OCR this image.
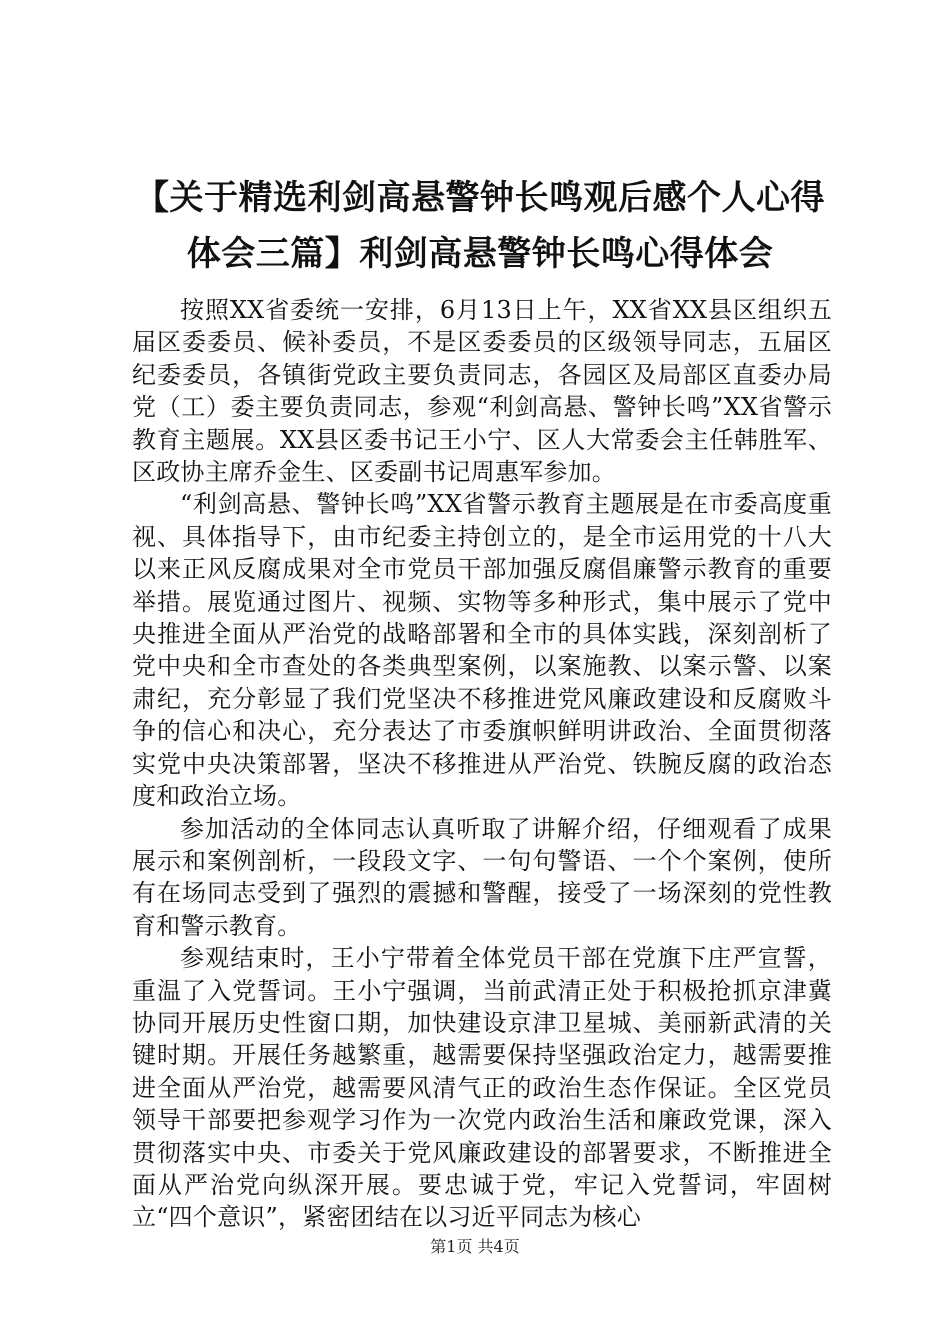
【关于精选利剑高悬警钟长鸣观后感个人心得体会三篇】利剑高悬警钟长鸣心得体会

按照XX省委统一安排，6月13日上午，XX省XX县区组织五届区委委员、候补委员，不是区委委员的区级领导同志，五届区纪委委员，各镇街党政主要负责同志，各园区及局部区直委办局党（工）委主要负责同志，参观“利剑高悬、警钟长鸣”XX省警示教育主题展。XX县区委书记王小宁、区人大常委会主任韩胜军、区政协主席乔金生、区委副书记周惠军参加。

“利剑高悬、警钟长鸣”XX省警示教育主题展是在市委高度重视、具体指导下，由市纪委主持创立的，是全市运用党的十八大以来正风反腐成果对全市党员干部加强反腐倡廉警示教育的重要举措。展览通过图片、视频、实物等多种形式，集中展示了党中央推进全面从严治党的战略部署和全市的具体实践，深刻剖析了党中央和全市查处的各类典型案例，以案施教、以案示警、以案肃纪，充分彰显了我们党坚决不移推进党风廉政建设和反腐败斗争的信心和决心，充分表达了市委旗帜鲜明讲政治、全面贯彻落实党中央决策部署，坚决不移推进从严治党、铁腕反腐的政治态度和政治立场。

参加活动的全体同志认真听取了讲解介绍，仔细观看了成果展示和案例剖析，一段段文字、一句句警语、一个个案例，使所有在场同志受到了强烈的震撼和警醒，接受了一场深刻的党性教育和警示教育。

参观结束时，王小宁带着全体党员干部在党旗下庄严宣誓，重温了入党誓词。王小宁强调，当前武清正处于积极抢抓京津冀协同开展历史性窗口期，加快建设京津卫星城、美丽新武清的关键时期。开展任务越繁重，越需要保持坚强政治定力，越需要推进全面从严治党，越需要风清气正的政治生态作保证。全区党员领导干部要把参观学习作为一次党内政治生活和廉政党课，深入贯彻落实中央、市委关于党风廉政建设的部署要求，不断推进全面从严治党向纵深开展。要忠诚于党，牢记入党誓词，牢固树立“四个意识”，紧密团结在以习近平同志为核心

第1页 共4页
